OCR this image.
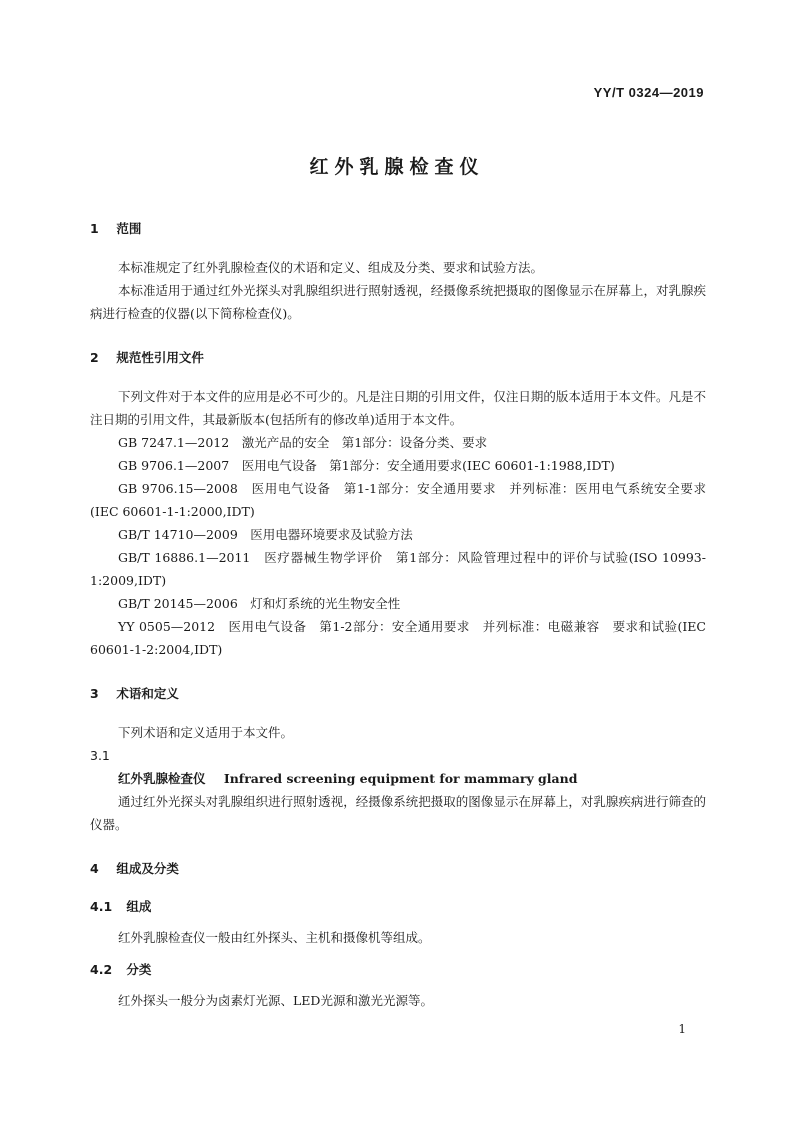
YY/T 0324—2019
红外乳腺检查仪
1 范围

本标准规定了红外乳腺检查仪的术语和定义、组成及分类、要求和试验方法。

本标准适用于通过红外光探头对乳腺组织进行照射透视，经摄像系统把摄取的图像显示在屏幕上，对乳腺疾病进行检查的仪器(以下简称检查仪)。

2 规范性引用文件

下列文件对于本文件的应用是必不可少的。凡是注日期的引用文件，仅注日期的版本适用于本文件。凡是不注日期的引用文件，其最新版本(包括所有的修改单)适用于本文件。

GB 7247.1—2012　激光产品的安全　第1部分：设备分类、要求

GB 9706.1—2007　医用电气设备　第1部分：安全通用要求(IEC 60601-1:1988,IDT)

GB 9706.15—2008　医用电气设备　第1-1部分：安全通用要求　并列标准：医用电气系统安全要求(IEC 60601-1-1:2000,IDT)

GB/T 14710—2009　医用电器环境要求及试验方法

GB/T 16886.1—2011　医疗器械生物学评价　第1部分：风险管理过程中的评价与试验(ISO 10993-1:2009,IDT)

GB/T 20145—2006　灯和灯系统的光生物安全性

YY 0505—2012　医用电气设备　第1-2部分：安全通用要求　并列标准：电磁兼容　要求和试验(IEC 60601-1-2:2004,IDT)

3 术语和定义

下列术语和定义适用于本文件。

3.1

红外乳腺检查仪 Infrared screening equipment for mammary gland

通过红外光探头对乳腺组织进行照射透视，经摄像系统把摄取的图像显示在屏幕上，对乳腺疾病进行筛查的仪器。

4 组成及分类
4.1 组成

红外乳腺检查仪一般由红外探头、主机和摄像机等组成。

4.2 分类

红外探头一般分为卤素灯光源、LED光源和激光光源等。

1
